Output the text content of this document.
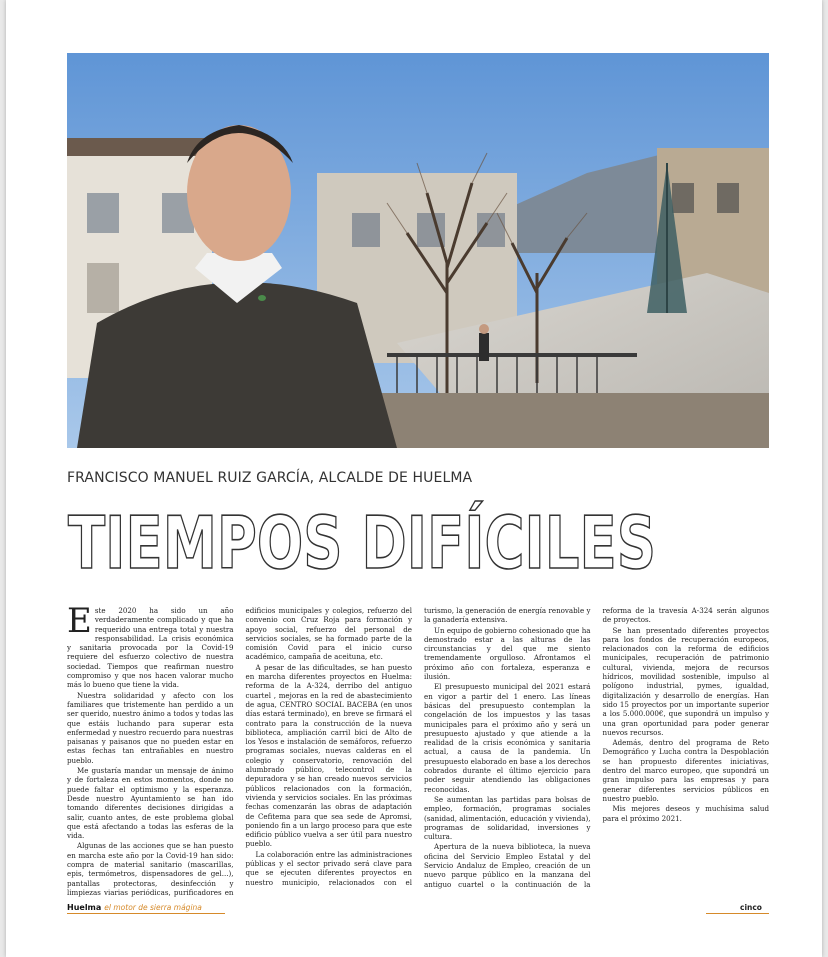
FRANCISCO MANUEL RUIZ GARCÍA, ALCALDE DE HUELMA
TIEMPOS DIFÍCILES

Este 2020 ha sido un año verdaderamente complicado y que ha requerido una entrega total y nuestra responsabilidad. La crisis económica y sanitaria provocada por la Covid-19 requiere del esfuerzo colectivo de nuestra sociedad. Tiempos que reafirman nuestro compromiso y que nos hacen valorar mucho más lo bueno que tiene la vida.

Nuestra solidaridad y afecto con los familiares que tristemente han perdido a un ser querido, nuestro ánimo a todos y todas las que estáis luchando para superar esta enfermedad y nuestro recuerdo para nuestras paisanas y paisanos que no pueden estar en estas fechas tan entrañables en nuestro pueblo.

Me gustaría mandar un mensaje de ánimo y de fortaleza en estos momentos, donde no puede faltar el optimismo y la esperanza. Desde nuestro Ayuntamiento se han ido tomando diferentes decisiones dirigidas a salir, cuanto antes, de este problema global que está afectando a todas las esferas de la vida.

Algunas de las acciones que se han puesto en marcha este año por la Covid-19 han sido: compra de material sanitario (mascarillas, epis, termómetros, dispensadores de gel...), pantallas protectoras, desinfección y limpiezas viarias periódicas, purificadores en edificios municipales y colegios, refuerzo del convenio con Cruz Roja para formación y apoyo social, refuerzo del personal de servicios sociales, se ha formado parte de la comisión Covid para el inicio curso académico, campaña de aceituna, etc.

A pesar de las dificultades, se han puesto en marcha diferentes proyectos en Huelma: reforma de la A-324, derribo del antiguo cuartel , mejoras en la red de abastecimiento de agua, CENTRO SOCIAL BACEBA (en unos días estará terminado), en breve se firmará el contrato para la construcción de la nueva biblioteca, ampliación carril bici de Alto de los Yesos e instalación de semáforos, refuerzo programas sociales, nuevas calderas en el colegio y conservatorio, renovación del alumbrado público, telecontrol de la depuradora y se han creado nuevos servicios públicos relacionados con la formación, vivienda y servicios sociales. En las próximas fechas comenzarán las obras de adaptación de Cefitema para que sea sede de Apromsi, poniendo fin a un largo proceso para que este edificio público vuelva a ser útil para nuestro pueblo.

La colaboración entre las administraciones públicas y el sector privado será clave para que se ejecuten diferentes proyectos en nuestro municipio, relacionados con el turismo, la generación de energía renovable y la ganadería extensiva.

Un equipo de gobierno cohesionado que ha demostrado estar a las alturas de las circunstancias y del que me siento tremendamente orgulloso. Afrontamos el próximo año con fortaleza, esperanza e ilusión.

El presupuesto municipal del 2021 estará en vigor a partir del 1 enero. Las líneas básicas del presupuesto contemplan la congelación de los impuestos y las tasas municipales para el próximo año y será un presupuesto ajustado y que atiende a la realidad de la crisis económica y sanitaria actual, a causa de la pandemia. Un presupuesto elaborado en base a los derechos cobrados durante el último ejercicio para poder seguir atendiendo las obligaciones reconocidas.

Se aumentan las partidas para bolsas de empleo, formación, programas sociales (sanidad, alimentación, educación y vivienda), programas de solidaridad, inversiones y cultura.

Apertura de la nueva biblioteca, la nueva oficina del Servicio Empleo Estatal y del Servicio Andaluz de Empleo, creación de un nuevo parque público en la manzana del antiguo cuartel o la continuación de la reforma de la travesía A-324 serán algunos de proyectos.

Se han presentado diferentes proyectos para los fondos de recuperación europeos, relacionados con la reforma de edificios municipales, recuperación de patrimonio cultural, vivienda, mejora de recursos hídricos, movilidad sostenible, impulso al polígono industrial, pymes, igualdad, digitalización y desarrollo de energías. Han sido 15 proyectos por un importante superior a los 5.000.000€, que supondrá un impulso y una gran oportunidad para poder generar nuevos recursos.

Además, dentro del programa de Reto Demográfico y Lucha contra la Despoblación se han propuesto diferentes iniciativas, dentro del marco europeo, que supondrá un gran impulso para las empresas y para generar diferentes servicios públicos en nuestro pueblo.

Mis mejores deseos y muchísima salud para el próximo 2021.

Huelma el motor de sierra mágina	cinco
